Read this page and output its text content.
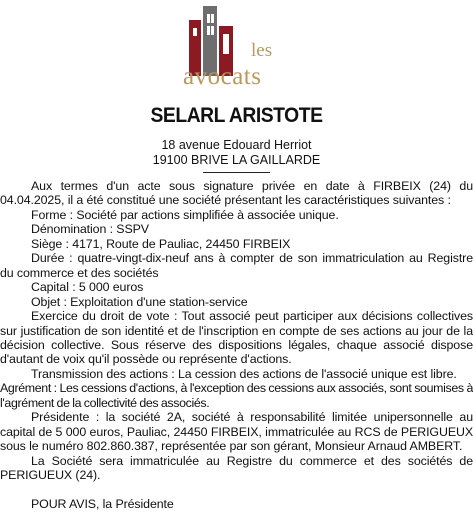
les
avocats
SELARL ARISTOTE
18 avenue Edouard Herriot
19100 BRIVE LA GAILLARDE

Aux termes d'un acte sous signature privée en date à FIRBEIX (24) du 04.04.2025, il a été constitué une société présentant les caractéristiques suivantes :

Forme : Société par actions simplifiée à associée unique.

Dénomination : SSPV

Siège : 4171, Route de Pauliac, 24450 FIRBEIX

Durée : quatre-vingt-dix-neuf ans à compter de son immatriculation au Registre du commerce et des sociétés

Capital : 5 000 euros

Objet : Exploitation d'une station-service

Exercice du droit de vote : Tout associé peut participer aux décisions collectives sur justification de son identité et de l'inscription en compte de ses actions au jour de la décision collective. Sous réserve des dispositions légales, chaque associé dispose d'autant de voix qu'il possède ou représente d'actions.

Transmission des actions : La cession des actions de l'associé unique est libre.

Agrément : Les cessions d'actions, à l'exception des cessions aux associés, sont soumises à l'agrément de la collectivité des associés.

Présidente : la société 2A, société à responsabilité limitée unipersonnelle au capital de 5 000 euros, Pauliac, 24450 FIRBEIX, immatriculée au RCS de PERIGUEUX sous le numéro 802.860.387, représentée par son gérant, Monsieur Arnaud AMBERT.

La Société sera immatriculée au Registre du commerce et des sociétés de PERIGUEUX (24).

POUR AVIS, la Présidente
